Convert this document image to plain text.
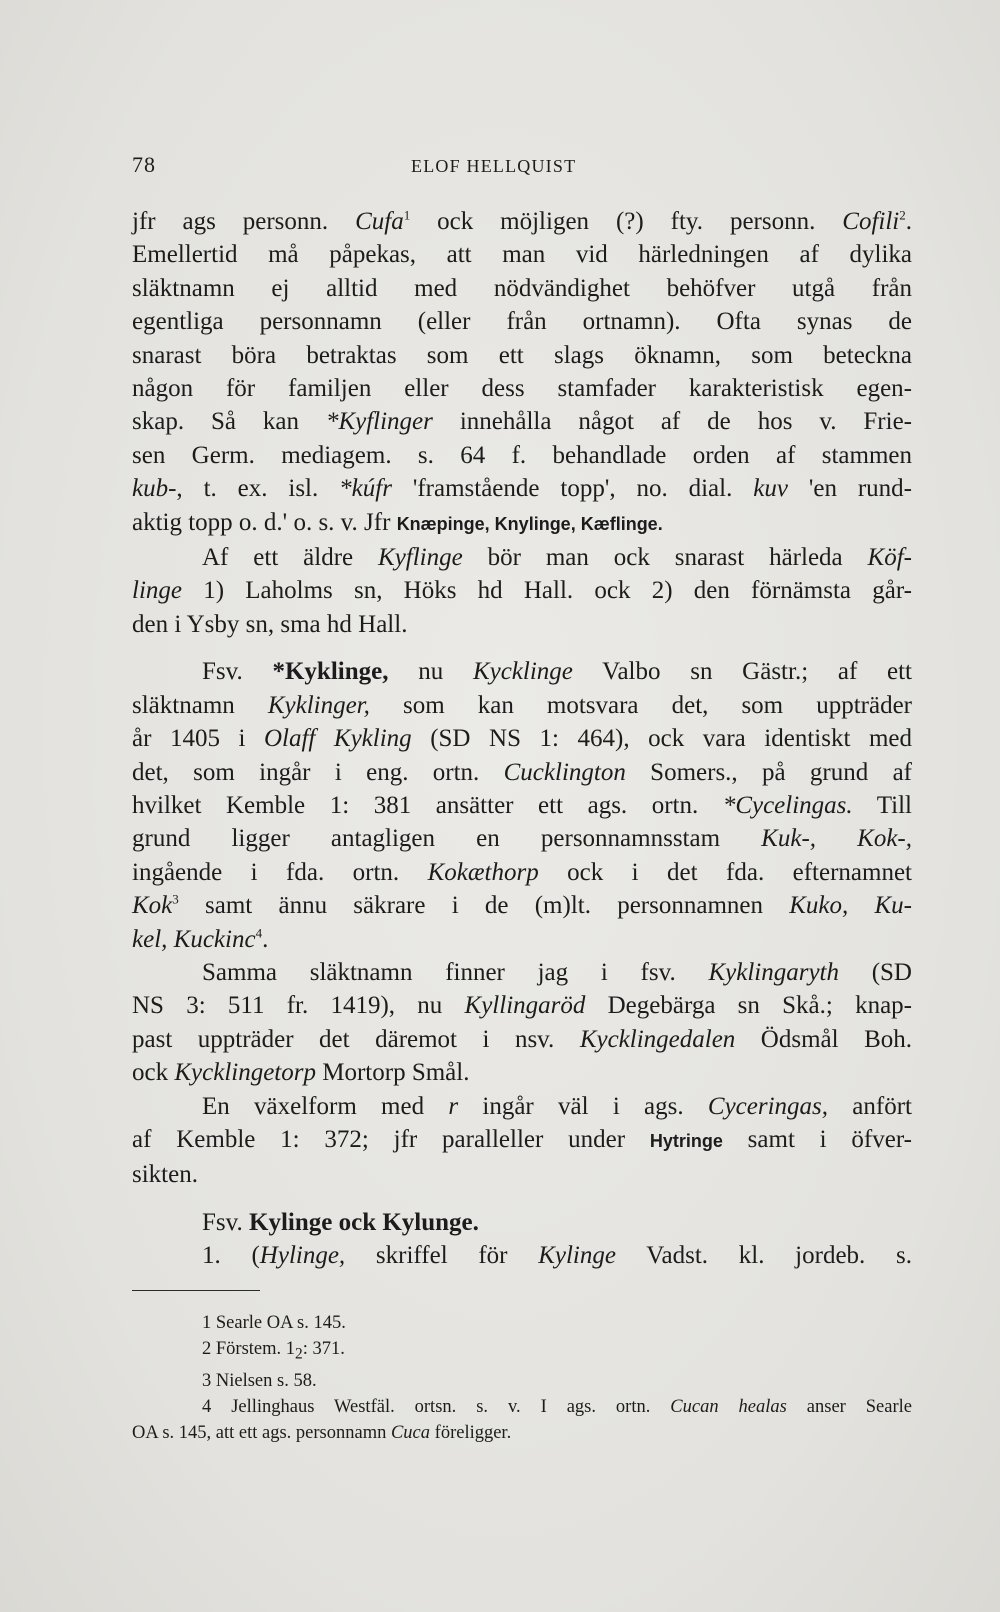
78	ELOF HELLQUIST
jfr ags personn. Cufa$^1$ ock möjligen (?) fty. personn. Cofili$^2$.
Emellertid må påpekas, att man vid härledningen af dylika
släktnamn ej alltid med nödvändighet behöfver utgå från
egentliga personnamn (eller från ortnamn). Ofta synas de
snarast böra betraktas som ett slags öknamn, som beteckna
någon för familjen eller dess stamfader karakteristisk egen-
skap. Så kan *Kyflinger innehålla något af de hos v. Frie-
sen Germ. mediagem. s. 64 f. behandlade orden af stammen
kub-, t. ex. isl. *kúfr 'framstående topp', no. dial. kuv 'en rund-
aktig topp o. d.' o. s. v. Jfr Knæpinge, Knylinge, Kæflinge.
Af ett äldre Kyflinge bör man ock snarast härleda Köf-
linge 1) Laholms sn, Höks hd Hall. ock 2) den förnämsta går-
den i Ysby sn, sma hd Hall.
Fsv. *Kyklinge, nu Kycklinge Valbo sn Gästr.; af ett
släktnamn Kyklinger, som kan motsvara det, som uppträder
år 1405 i Olaff Kykling (SD NS 1: 464), ock vara identiskt med
det, som ingår i eng. ortn. Cucklington Somers., på grund af
hvilket Kemble 1: 381 ansätter ett ags. ortn. *Cycelingas. Till
grund ligger antagligen en personnamnsstam Kuk-, Kok-,
ingående i fda. ortn. Kokæthorp ock i det fda. efternamnet
Kok$^3$ samt ännu säkrare i de (m)lt. personnamnen Kuko, Ku-
kel, Kuckinc$^4$.
Samma släktnamn finner jag i fsv. Kyklingaryth (SD
NS 3: 511 fr. 1419), nu Kyllingaröd Degebärga sn Skå.; knap-
past uppträder det däremot i nsv. Kycklingedalen Ödsmål Boh.
ock Kycklingetorp Mortorp Smål.
En växelform med r ingår väl i ags. Cyceringas, anfört
af Kemble 1: 372; jfr paralleller under Hytringe samt i öfver-
sikten.
Fsv. Kylinge ock Kylunge.
1. (Hylinge, skriffel för Kylinge Vadst. kl. jordeb. s.
1 Searle OA s. 145.
2 Förstem. $1_2$: 371.
3 Nielsen s. 58.
4 Jellinghaus Westfäl. ortsn. s. v. I ags. ortn. Cucan healas anser Searle
OA s. 145, att ett ags. personnamn Cuca föreligger.
